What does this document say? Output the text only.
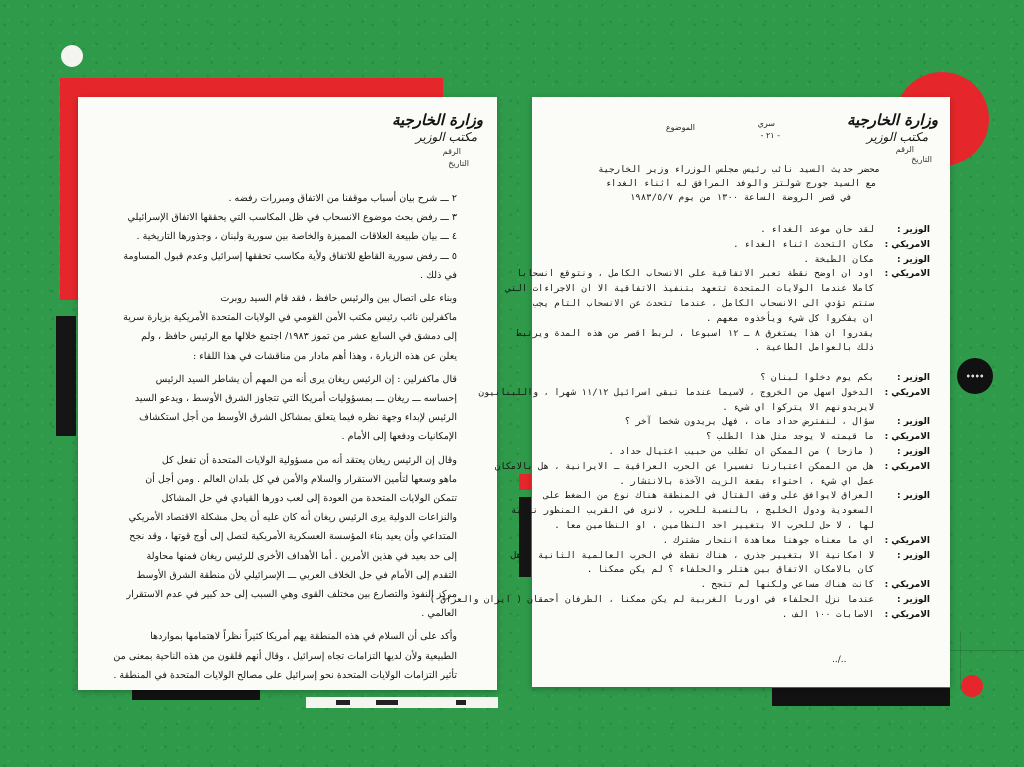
وزارة الخارجية
مكتب الوزير
الرقم
التاريخ
٢ ـــ شرح بيان أسباب موقفنا من الاتفاق ومبررات رفضه .
٣ ـــ رفض بحث موضوع الانسحاب في ظل المكاسب التي يحققها الاتفاق الإسرائيلي
٤ ـــ بيان طبيعة العلاقات المميزة والخاصة بين سورية ولبنان ، وجذورها التاريخية .
٥ ـــ رفض سورية القاطع للاتفاق ولأية مكاسب تحققها إسرائيل وعدم قبول المساومة
في ذلك .
وبناء على اتصال بين والرئيس حافظ ، فقد قام السيد روبرت
ماكفرلين نائب رئيس مكتب الأمن القومي في الولايات المتحدة الأمريكية بزيارة سرية
إلى دمشق في السابع عشر من تموز ١٩٨٣/ اجتمع خلالها مع الرئيس حافظ ، ولم
يعلن عن هذه الزيارة ، وهذا أهم مادار من مناقشات في هذا اللقاء :
قال ماكفرلين : إن الرئيس ريغان يرى أنه من المهم أن يشاطر السيد الرئيس
إحساسه ـــ ريغان ـــ بمسؤوليات أمريكا التي تتجاوز الشرق الأوسط ، ويدعو السيد
الرئيس لإبداء وجهة نظره فيما يتعلق بمشاكل الشرق الأوسط من أجل استكشاف
الإمكانيات ودفعها إلى الأمام .
وقال إن الرئيس ريغان يعتقد أنه من مسؤولية الولايات المتحدة أن تفعل كل
ماهو وسعها لتأمين الاستقرار والسلام والأمن في كل بلدان العالم . ومن أجل أن
تتمكن الولايات المتحدة من العودة إلى لعب دورها القيادي في حل المشاكل
والنزاعات الدولية يرى الرئيس ريغان أنه كان عليه أن يحل مشكلة الاقتصاد الأمريكي
المتداعي وأن يعيد بناء المؤسسة العسكرية الأمريكية لتصل إلى أوج قوتها ، وقد نجح
إلى حد بعيد في هذين الأمرين . أما الأهداف الأخرى للرئيس ريغان فمنها محاولة
التقدم إلى الأمام في حل الخلاف العربي ـــ الإسرائيلي لأن منطقة الشرق الأوسط
مركز النفوذ والتصارع بين مختلف القوى وهي السبب إلى حد كبير في عدم الاستقرار
العالمي .
وأكد على أن السلام في هذه المنطقة يهم أمريكا كثيراً نظراً لاهتمامها بمواردها
الطبيعية ولأن لديها التزامات تجاه إسرائيل ، وقال أنهم قلقون من هذه الناحية بمعنى من
تأثير التزامات الولايات المتحدة نحو إسرائيل على مصالح الولايات المتحدة في المنطقة .
وزارة الخارجية
مكتب الوزير
الرقم
التاريخ
سري
- ٢١ -
الموضوع
محضر حديث السيد نائب رئيس مجلس الوزراء وزير الخارجية
مع السيد جورج شولتز والوفد المرافق له اثناء الغداء
في قصر الروضة الساعة ١٣٠٠ من يوم ١٩٨٣/٥/٧
الوزير :
لقد حان موعد الغداء .
الامريكي :
مكان التحدث اثناء الغداء .
الوزير :
مكان الطبخة .
الامريكي :
اود ان اوضح نقطة تعبر الاتفاقية على الانسحاب الكامل ، ونتوقع انسحابا
كاملا عندما الولايات المتحدة تتعهد بتنفيذ الاتفاقية الا ان الاجراءات التي
ستتم تؤدي الى الانسحاب الكامل ، عندما تتحدث عن الانسحاب التام يجب
ان يفكروا كل شيء ويأخذوه معهم .
يقدروا ان هذا يستغرق ٨ ـ ١٢ اسبوعا ، لربط اقصر من هذه المدة ويرتبط
ذلك بالعوامل الطاعية .
الوزير :
بكم يوم دخلوا لبنان ؟
الامريكي :
الدخول اسهل من الخروج ، لاسيما عندما تبقى اسرائيل ١١/١٢ شهرا ، واللبنانيون
لايريدونهم الا يتركوا اي شيء .
الوزير :
سؤال ، لنفترض حداد مات ، فهل يريدون شخصا آخر ؟
الامريكي :
ما قيمته لا يوجد مثل هذا الطلب ؟
الوزير :
( مازحا ) من الممكن ان تطلب من حبيب اغتيال حداد .
الامريكي :
هل من الممكن اعتبارنا تفسيرا عن الحرب العراقية ـ الايرانية ، هل بالامكان
عمل اي شيء ، احتواء بقعة الزيت الآخذة بالانتشار .
الوزير :
العراق لايوافق على وقف القتال في المنطقة هناك نوع من الضغط على
السعودية ودول الخليج ، بالنسبة للحرب ، لانرى في القريب المنظور نهاية
لها ، لا حل للحرب الا بتغيير احد النظامين ، او النظامين معا .
الامريكي :
اي ما معناه جوهنا معاهدة انتحار مشترك .
الوزير :
لا امكانية الا بتغيير جذري ، هناك نقطة في الحرب العالمية الثانية : هل
كان بالامكان الاتفاق بين هتلر والحلفاء ؟ لم يكن ممكنا .
الامريكي :
كانت هناك مساعي ولكنها لم تنجح .
الوزير :
عندما نزل الحلفاء في اوربا الغربية لم يكن ممكنا ، الطرفان أحمقان ( ايران والعراق )
الامريكي :
الاصابات ١٠٠ الف .
../..
